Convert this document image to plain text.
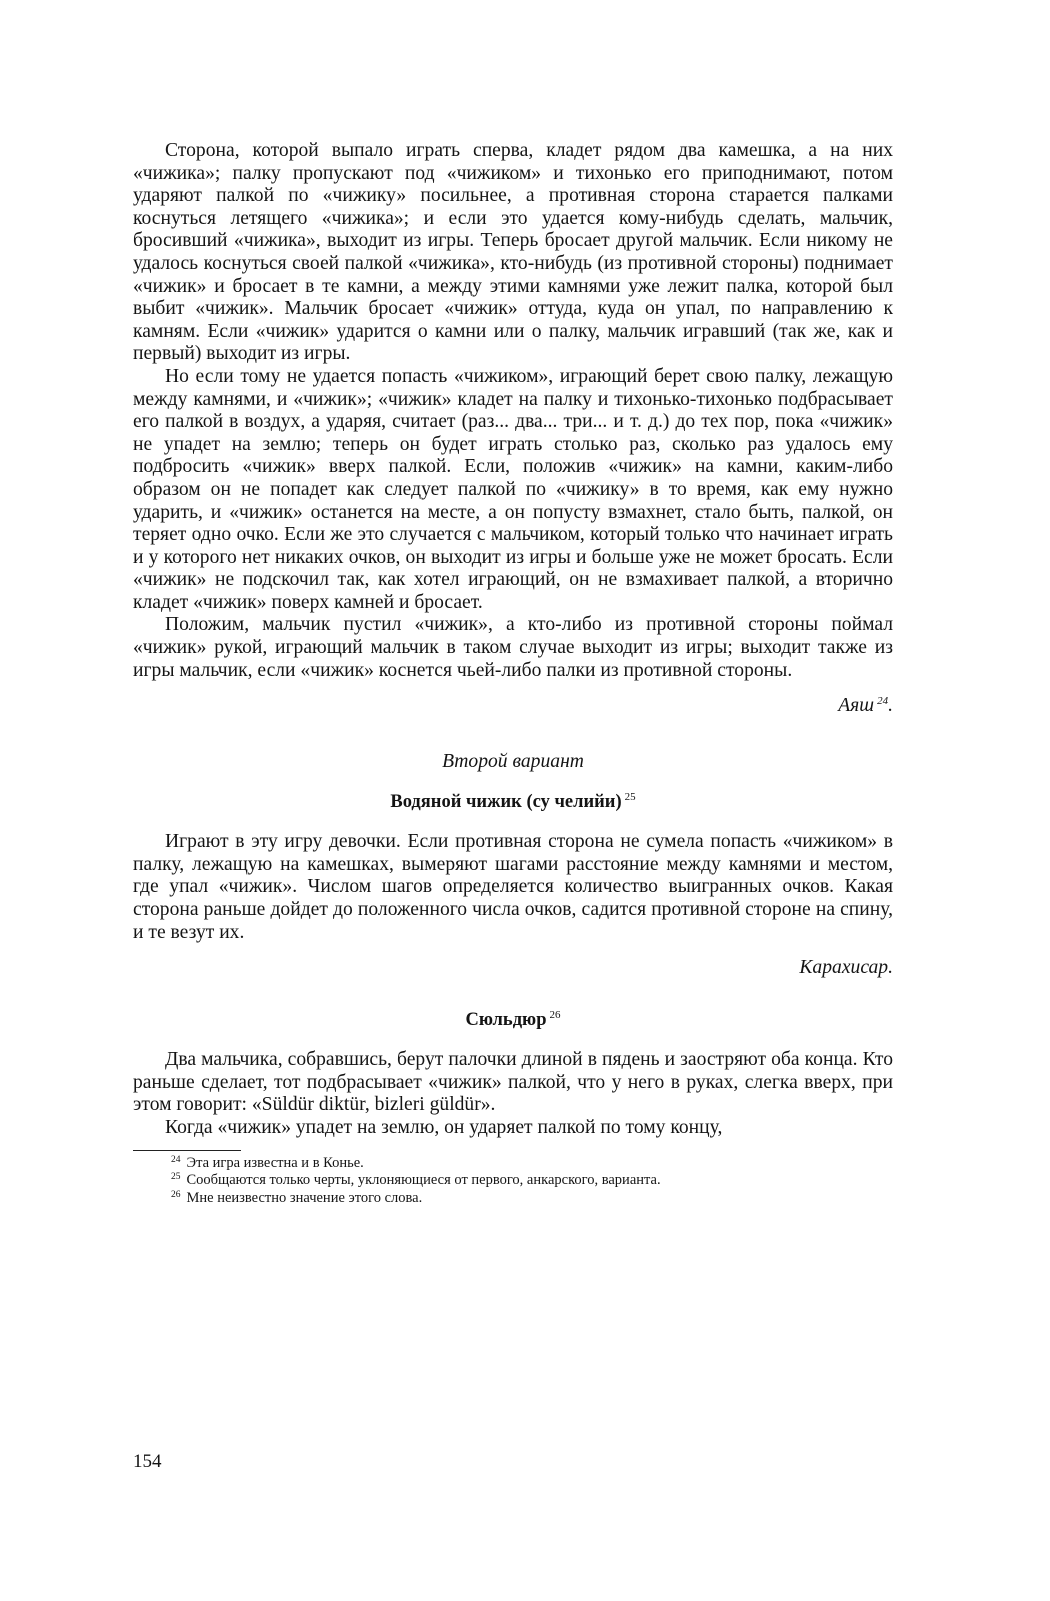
Сторона, которой выпало играть сперва, кладет рядом два камешка, а на них «чижика»; палку пропускают под «чижиком» и тихонько его приподнимают, потом ударяют палкой по «чижику» посильнее, а противная сторона старается палками коснуться летящего «чижика»; и если это удается кому-нибудь сделать, мальчик, бросивший «чижика», выходит из игры. Теперь бросает другой мальчик. Если никому не удалось коснуться своей палкой «чижика», кто-нибудь (из противной стороны) поднимает «чижик» и бросает в те камни, а между этими камнями уже лежит палка, которой был выбит «чижик». Мальчик бросает «чижик» оттуда, куда он упал, по направлению к камням. Если «чижик» ударится о камни или о палку, мальчик игравший (так же, как и первый) выходит из игры.

Но если тому не удается попасть «чижиком», играющий берет свою палку, лежащую между камнями, и «чижик»; «чижик» кладет на палку и тихонько-тихонько подбрасывает его палкой в воздух, а ударяя, считает (раз... два... три... и т. д.) до тех пор, пока «чижик» не упадет на землю; теперь он будет играть столько раз, сколько раз удалось ему подбросить «чижик» вверх палкой. Если, положив «чижик» на камни, каким-либо образом он не попадет как следует палкой по «чижику» в то время, как ему нужно ударить, и «чижик» останется на месте, а он попусту взмахнет, стало быть, палкой, он теряет одно очко. Если же это случается с мальчиком, который только что начинает играть и у которого нет никаких очков, он выходит из игры и больше уже не может бросать. Если «чижик» не подскочил так, как хотел играющий, он не взмахивает палкой, а вторично кладет «чижик» поверх камней и бросает.

Положим, мальчик пустил «чижик», а кто-либо из противной стороны поймал «чижик» рукой, играющий мальчик в таком случае выходит из игры; выходит также из игры мальчик, если «чижик» коснется чьей-либо палки из противной стороны.

Аяш $^{24}$.
Второй вариант
Водяной чижик (су челийи) $^{25}$

Играют в эту игру девочки. Если противная сторона не сумела попасть «чижиком» в палку, лежащую на камешках, вымеряют шагами расстояние между камнями и местом, где упал «чижик». Числом шагов определяется количество выигранных очков. Какая сторона раньше дойдет до положенного числа очков, садится противной стороне на спину, и те везут их.

Карахисар.
Сюльдюр $^{26}$

Два мальчика, собравшись, берут палочки длиной в пядень и заостряют оба конца. Кто раньше сделает, тот подбрасывает «чижик» палкой, что у него в руках, слегка вверх, при этом говорит: «Süldür diktür, bizleri güldür».

Когда «чижик» упадет на землю, он ударяет палкой по тому концу,

$^{24}$ Эта игра известна и в Конье.
$^{25}$ Сообщаются только черты, уклоняющиеся от первого, анкарского, варианта.
$^{26}$ Мне неизвестно значение этого слова.
154
